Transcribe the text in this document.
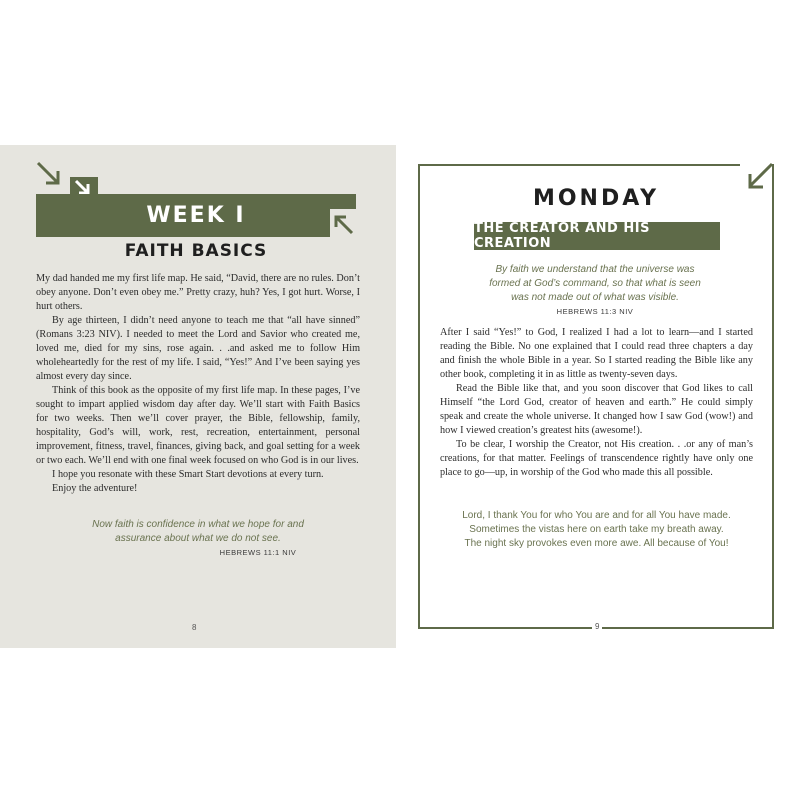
WEEK I
FAITH BASICS

My dad handed me my first life map. He said, “David, there are no rules. Don’t obey anyone. Don’t even obey me.” Pretty crazy, huh? Yes, I got hurt. Worse, I hurt others.

By age thirteen, I didn’t need anyone to teach me that “all have sinned” (Romans 3:23 NIV). I needed to meet the Lord and Savior who created me, loved me, died for my sins, rose again. . .and asked me to follow Him wholeheartedly for the rest of my life. I said, “Yes!” And I’ve been saying yes almost every day since.

Think of this book as the opposite of my first life map. In these pages, I’ve sought to impart applied wisdom day after day. We’ll start with Faith Basics for two weeks. Then we’ll cover prayer, the Bible, fellowship, family, hospitality, God’s will, work, rest, recreation, entertainment, personal improvement, fitness, travel, finances, giving back, and goal setting for a week or two each. We’ll end with one final week focused on who God is in our lives.

I hope you resonate with these Smart Start devotions at every turn.

Enjoy the adventure!

Now faith is confidence in what we hope for and
assurance about what we do not see.
HEBREWS 11:1 NIV
8
MONDAY
THE CREATOR AND HIS CREATION
By faith we understand that the universe was
formed at God’s command, so that what is seen
was not made out of what was visible.
HEBREWS 11:3 NIV

After I said “Yes!” to God, I realized I had a lot to learn—and I started reading the Bible. No one explained that I could read three chapters a day and finish the whole Bible in a year. So I started reading the Bible like any other book, completing it in as little as twenty-seven days.

Read the Bible like that, and you soon discover that God likes to call Himself “the Lord God, creator of heaven and earth.” He could simply speak and create the whole universe. It changed how I saw God (wow!) and how I viewed creation’s greatest hits (awesome!).

To be clear, I worship the Creator, not His creation. . .or any of man’s creations, for that matter. Feelings of transcendence rightly have only one place to go—up, in worship of the God who made this all possible.

Lord, I thank You for who You are and for all You have made.
Sometimes the vistas here on earth take my breath away.
The night sky provokes even more awe. All because of You!
9
